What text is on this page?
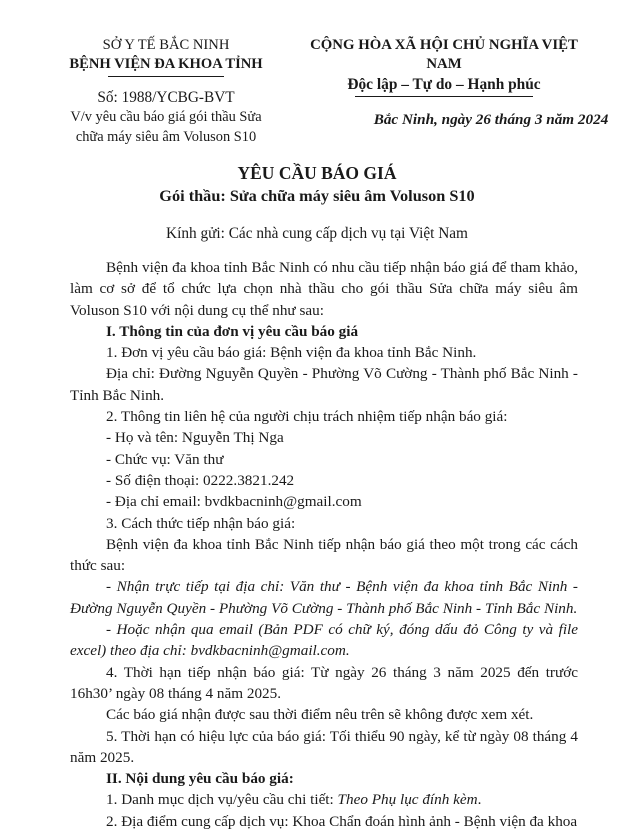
SỞ Y TẾ BẮC NINH
BỆNH VIỆN ĐA KHOA TỈNH
Số: 1988/YCBG-BVT
V/v yêu cầu báo giá gói thầu Sửa chữa máy siêu âm Voluson S10
CỘNG HÒA XÃ HỘI CHỦ NGHĨA VIỆT NAM
Độc lập – Tự do – Hạnh phúc
Bắc Ninh, ngày 26 tháng 3 năm 2024
YÊU CẦU BÁO GIÁ
Gói thầu: Sửa chữa máy siêu âm Voluson S10
Kính gửi: Các nhà cung cấp dịch vụ tại Việt Nam

Bệnh viện đa khoa tỉnh Bắc Ninh có nhu cầu tiếp nhận báo giá để tham khảo, làm cơ sở để tổ chức lựa chọn nhà thầu cho gói thầu Sửa chữa máy siêu âm Voluson S10 với nội dung cụ thể như sau:

I. Thông tin của đơn vị yêu cầu báo giá

1. Đơn vị yêu cầu báo giá: Bệnh viện đa khoa tỉnh Bắc Ninh.

Địa chỉ: Đường Nguyễn Quyền - Phường Võ Cường - Thành phố Bắc Ninh - Tỉnh Bắc Ninh.

2. Thông tin liên hệ của người chịu trách nhiệm tiếp nhận báo giá:

- Họ và tên: Nguyễn Thị Nga

- Chức vụ: Văn thư

- Số điện thoại: 0222.3821.242

- Địa chỉ email: bvdkbacninh@gmail.com

3. Cách thức tiếp nhận báo giá:

Bệnh viện đa khoa tỉnh Bắc Ninh tiếp nhận báo giá theo một trong các cách thức sau:

- Nhận trực tiếp tại địa chỉ: Văn thư - Bệnh viện đa khoa tỉnh Bắc Ninh - Đường Nguyễn Quyền - Phường Võ Cường - Thành phố Bắc Ninh - Tỉnh Bắc Ninh.

- Hoặc nhận qua email (Bản PDF có chữ ký, đóng dấu đỏ Công ty và file excel) theo địa chỉ: bvdkbacninh@gmail.com.

4. Thời hạn tiếp nhận báo giá: Từ ngày 26 tháng 3 năm 2025 đến trước 16h30’ ngày 08 tháng 4 năm 2025.

Các báo giá nhận được sau thời điểm nêu trên sẽ không được xem xét.

5. Thời hạn có hiệu lực của báo giá: Tối thiểu 90 ngày, kể từ ngày 08 tháng 4 năm 2025.

II. Nội dung yêu cầu báo giá:

1. Danh mục dịch vụ/yêu cầu chi tiết: Theo Phụ lục đính kèm.

2. Địa điểm cung cấp dịch vụ: Khoa Chẩn đoán hình ảnh - Bệnh viện đa khoa
